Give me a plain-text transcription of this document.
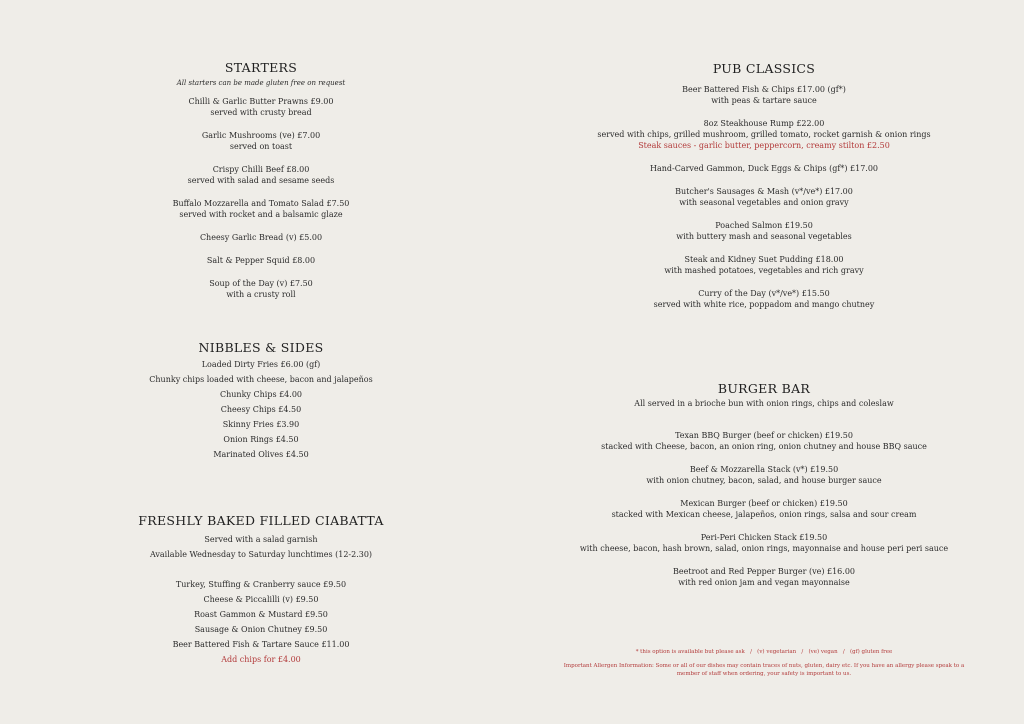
STARTERS
All starters can be made gluten free on request
Chilli & Garlic Butter Prawns £9.00
served with crusty bread
Garlic Mushrooms (ve) £7.00
served on toast
Crispy Chilli Beef £8.00
served with salad and sesame seeds
Buffalo Mozzarella and Tomato Salad £7.50
served with rocket and a balsamic glaze
Cheesy Garlic Bread (v) £5.00
Salt & Pepper Squid £8.00
Soup of the Day (v) £7.50
with a crusty roll
NIBBLES & SIDES
Loaded Dirty Fries £6.00 (gf)
Chunky chips loaded with cheese, bacon and jalapeños
Chunky Chips £4.00
Cheesy Chips £4.50
Skinny Fries £3.90
Onion Rings £4.50
Marinated Olives £4.50
FRESHLY BAKED FILLED CIABATTA
Served with a salad garnish
Available Wednesday to Saturday lunchtimes (12-2.30)
Turkey, Stuffing & Cranberry sauce £9.50
Cheese & Piccalilli (v) £9.50
Roast Gammon & Mustard £9.50
Sausage & Onion Chutney £9.50
Beer Battered Fish & Tartare Sauce £11.00
Add chips for £4.00
PUB CLASSICS
Beer Battered Fish & Chips £17.00 (gf*)
with peas & tartare sauce
8oz Steakhouse Rump £22.00
served with chips, grilled mushroom, grilled tomato, rocket garnish & onion rings
Steak sauces - garlic butter, peppercorn, creamy stilton £2.50
Hand-Carved Gammon, Duck Eggs & Chips (gf*) £17.00
Butcher's Sausages & Mash (v*/ve*) £17.00
with seasonal vegetables and onion gravy
Poached Salmon £19.50
with buttery mash and seasonal vegetables
Steak and Kidney Suet Pudding £18.00
with mashed potatoes, vegetables and rich gravy
Curry of the Day (v*/ve*) £15.50
served with white rice, poppadom and mango chutney
BURGER BAR
All served in a brioche bun with onion rings, chips and coleslaw
Texan BBQ Burger (beef or chicken) £19.50
stacked with Cheese, bacon, an onion ring, onion chutney and house BBQ sauce
Beef & Mozzarella Stack (v*) £19.50
with onion chutney, bacon, salad, and house burger sauce
Mexican Burger (beef or chicken) £19.50
stacked with Mexican cheese, jalapeños, onion rings, salsa and sour cream
Peri-Peri Chicken Stack £19.50
with cheese, bacon, hash brown, salad, onion rings, mayonnaise and house peri peri sauce
Beetroot and Red Pepper Burger (ve) £16.00
with red onion jam and vegan mayonnaise
* this option is available but please ask   /   (v) vegetarian   /   (ve) vegan   /   (gf) gluten free
Important Allergen Information: Some or all of our dishes may contain traces of nuts, gluten, dairy etc. If you have an allergy please speak to a
member of staff when ordering, your safety is important to us.
